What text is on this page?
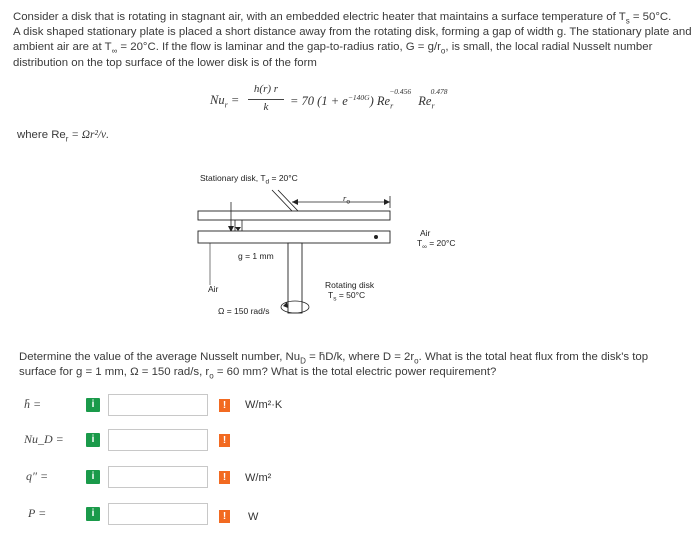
Consider a disk that is rotating in stagnant air, with an embedded electric heater that maintains a surface temperature of $T_s = 50^\circ C$.
A disk shaped stationary plate is placed a short distance away from the rotating disk, forming a gap of width g. The stationary plate and
ambient air are at $T_\infty = 20^\circ C$. If the flow is laminar and the gap-to-radius ratio, $G = g/r_o$, is small, the local radial Nusselt number
distribution on the top surface of the lower disk is of the form
$Nu_r$ =
h(r) r
k	= 70 $(1 + e^{-140G})$ $Re_r^{-0.456}$ $Re_r^{0.478}$
where $Re_r = \Omega r^2/\nu$.
Stationary disk, $T_d = 20^\circ C$
$r_o$
Air
$T_\infty = 20^\circ C$
g = 1 mm
Air	Rotating disk
$T_s = 50^\circ C$
Ω = 150 rad/s
Determine the value of the average Nusselt number, $Nu_D$ = h̄D/k, where $D = 2r_o$. What is the total heat flux from the disk's top
surface for g = 1 mm, Ω = 150 rad/s, $r_o = 60$ mm? What is the total electric power requirement?
h̄ =	i	!	W/m²·K
Nu_D =	i	!
q″ =	i	!	W/m²
P =	i	!	W
